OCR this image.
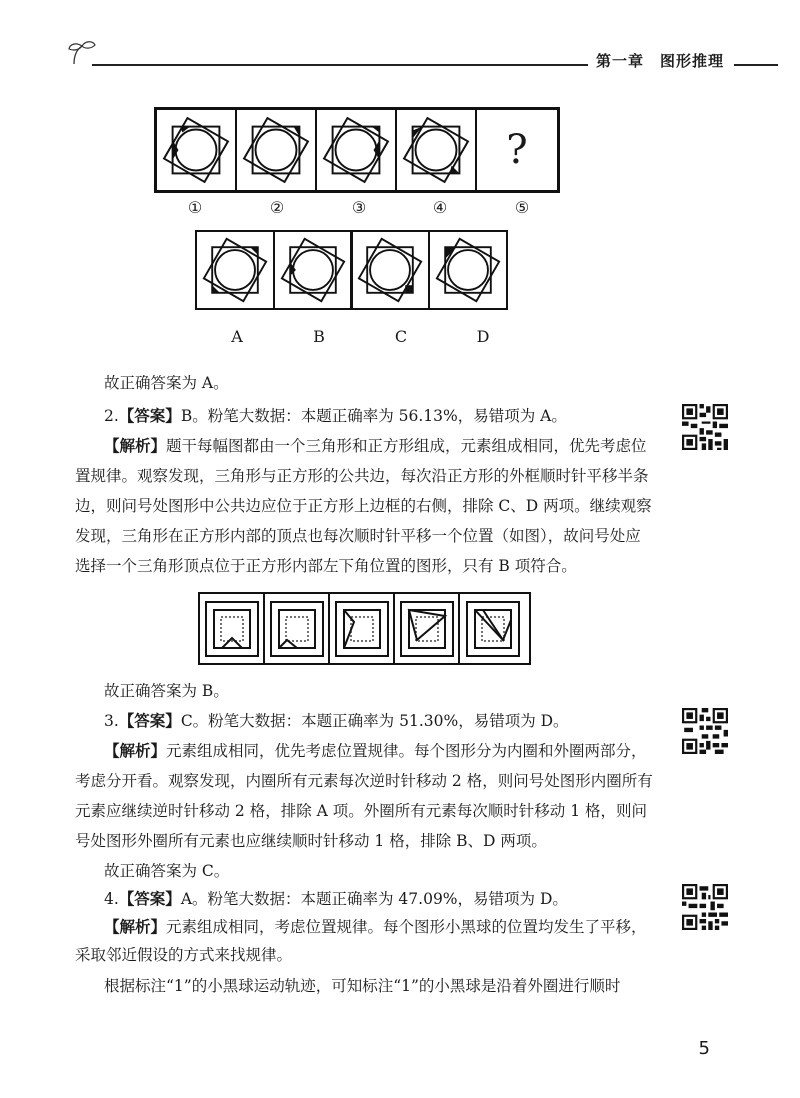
第一章　图形推理
?
①	②	③	④	⑤
A	B	C	D
故正确答案为 A。
2.【答案】B。粉笔大数据：本题正确率为 56.13%，易错项为 A。
【解析】题干每幅图都由一个三角形和正方形组成，元素组成相同，优先考虑位
置规律。观察发现，三角形与正方形的公共边，每次沿正方形的外框顺时针平移半条
边，则问号处图形中公共边应位于正方形上边框的右侧，排除 C、D 两项。继续观察
发现，三角形在正方形内部的顶点也每次顺时针平移一个位置（如图），故问号处应
选择一个三角形顶点位于正方形内部左下角位置的图形，只有 B 项符合。
故正确答案为 B。
3.【答案】C。粉笔大数据：本题正确率为 51.30%，易错项为 D。
【解析】元素组成相同，优先考虑位置规律。每个图形分为内圈和外圈两部分，
考虑分开看。观察发现，内圈所有元素每次逆时针移动 2 格，则问号处图形内圈所有
元素应继续逆时针移动 2 格，排除 A 项。外圈所有元素每次顺时针移动 1 格，则问
号处图形外圈所有元素也应继续顺时针移动 1 格，排除 B、D 两项。
故正确答案为 C。
4.【答案】A。粉笔大数据：本题正确率为 47.09%，易错项为 D。
【解析】元素组成相同，考虑位置规律。每个图形小黑球的位置均发生了平移，
采取邻近假设的方式来找规律。
根据标注“1”的小黑球运动轨迹，可知标注“1”的小黑球是沿着外圈进行顺时
5
